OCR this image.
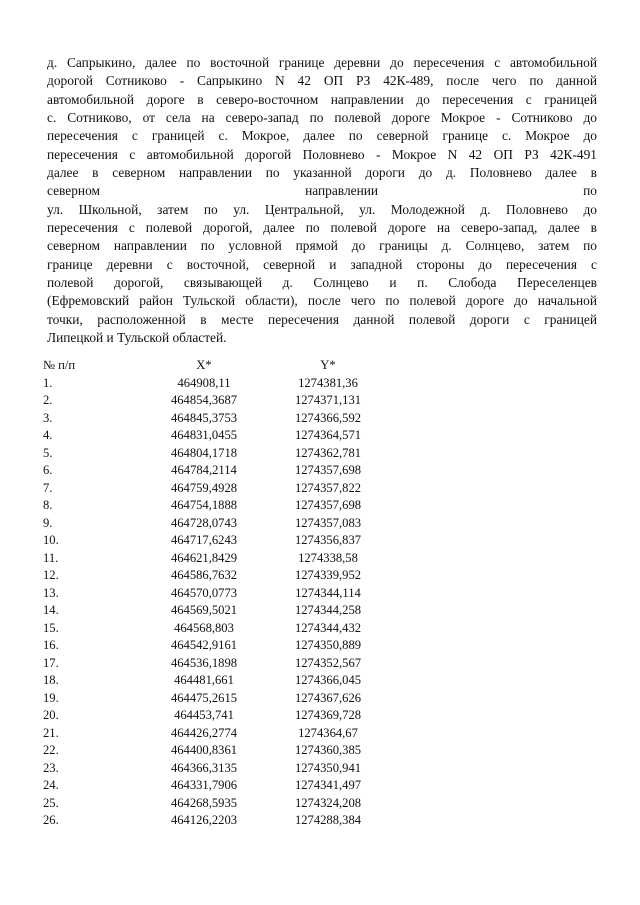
д. Сапрыкино, далее по восточной границе деревни до пересечения с автомобильной
дорогой Сотниково - Сапрыкино N 42 ОП РЗ 42К-489, после чего по данной
автомобильной дороге в северо-восточном направлении до пересечения с границей
с. Сотниково, от села на северо-запад по полевой дороге Мокрое - Сотниково до
пересечения с границей с. Мокрое, далее по северной границе с. Мокрое до
пересечения с автомобильной дорогой Половнево - Мокрое N 42 ОП РЗ 42К-491
далее в северном направлении по указанной дороги до д. Половнево далее в
северном направлении по
ул. Школьной, затем по ул. Центральной, ул. Молодежной д. Половнево до
пересечения с полевой дорогой, далее по полевой дороге на северо-запад, далее в
северном направлении по условной прямой до границы д. Солнцево, затем по
границе деревни с восточной, северной и западной стороны до пересечения с
полевой дорогой, связывающей д. Солнцево и п. Слобода Переселенцев
(Ефремовский район Тульской области), после чего по полевой дороге до начальной
точки, расположенной в месте пересечения данной полевой дороги с границей
Липецкой и Тульской областей.

№ п/п	X*	Y*
1.	464908,11	1274381,36
2.	464854,3687	1274371,131
3.	464845,3753	1274366,592
4.	464831,0455	1274364,571
5.	464804,1718	1274362,781
6.	464784,2114	1274357,698
7.	464759,4928	1274357,822
8.	464754,1888	1274357,698
9.	464728,0743	1274357,083
10.	464717,6243	1274356,837
11.	464621,8429	1274338,58
12.	464586,7632	1274339,952
13.	464570,0773	1274344,114
14.	464569,5021	1274344,258
15.	464568,803	1274344,432
16.	464542,9161	1274350,889
17.	464536,1898	1274352,567
18.	464481,661	1274366,045
19.	464475,2615	1274367,626
20.	464453,741	1274369,728
21.	464426,2774	1274364,67
22.	464400,8361	1274360,385
23.	464366,3135	1274350,941
24.	464331,7906	1274341,497
25.	464268,5935	1274324,208
26.	464126,2203	1274288,384
